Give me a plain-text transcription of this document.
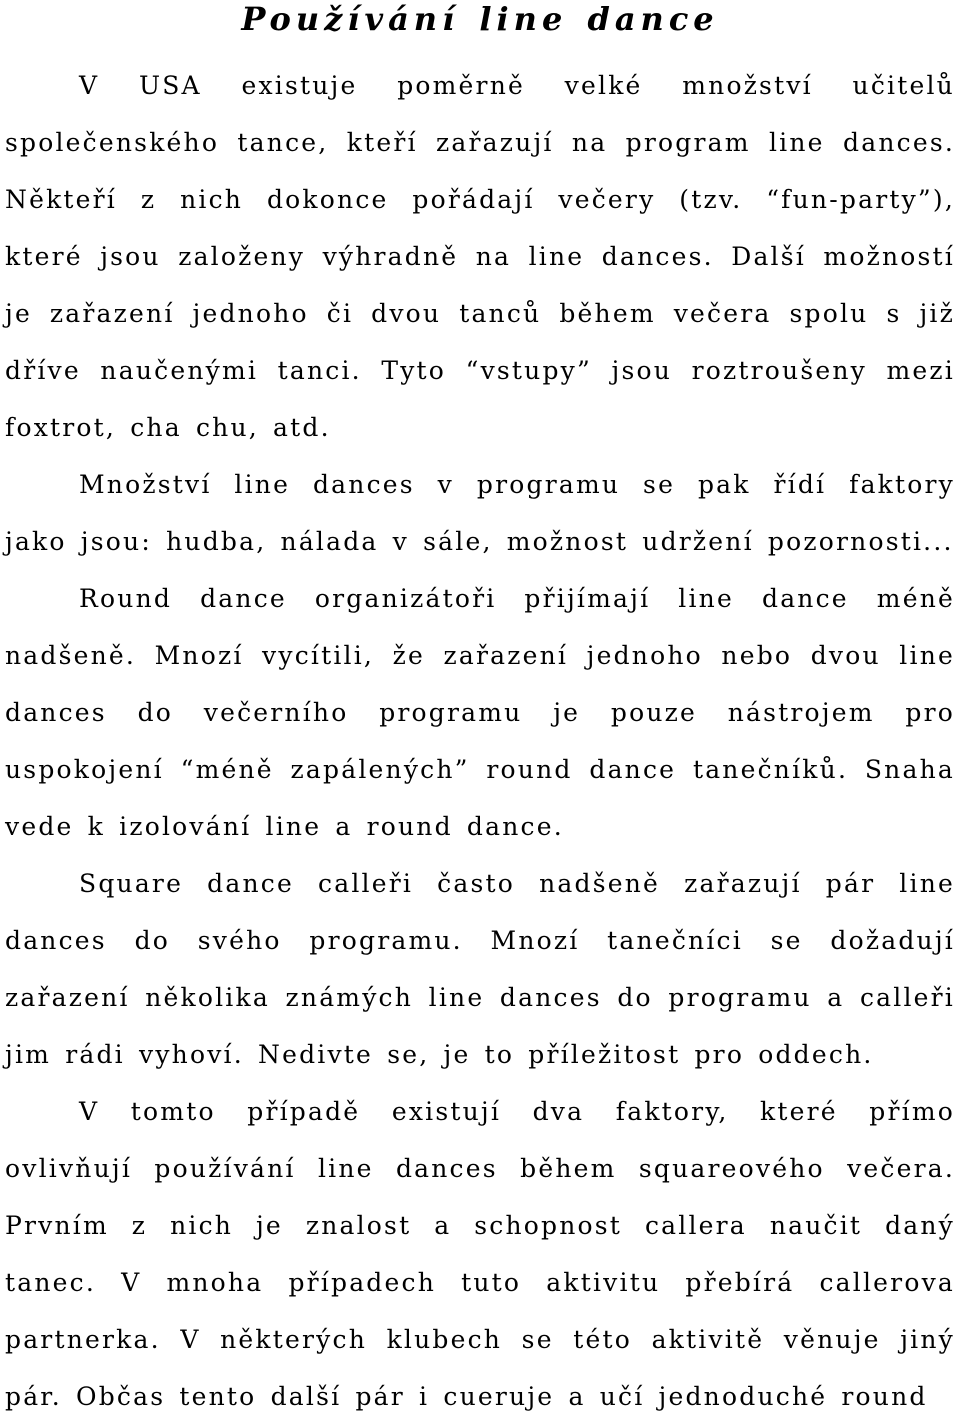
Používání line dance

V USA existuje poměrně velké množství učitelů společenského tance, kteří zařazují na program line dances. Někteří z nich dokonce pořádají večery (tzv. “fun-party”), které jsou založeny výhradně na line dances. Další možností je zařazení jednoho či dvou tanců během večera spolu s již dříve naučenými tanci. Tyto “vstupy” jsou roztroušeny mezi foxtrot, cha chu, atd.

Množství line dances v programu se pak řídí faktory jako jsou: hudba, nálada v sále, možnost udržení pozornosti...

Round dance organizátoři přijímají line dance méně nadšeně. Mnozí vycítili, že zařazení jednoho nebo dvou line dances do večerního programu je pouze nástrojem pro uspokojení “méně zapálených” round dance tanečníků. Snaha vede k izolování line a round dance.

Square dance calleři často nadšeně zařazují pár line dances do svého programu. Mnozí tanečníci se dožadují zařazení několika známých line dances do programu a calleři jim rádi vyhoví. Nedivte se, je to příležitost pro oddech.

V tomto případě existují dva faktory, které přímo ovlivňují používání line dances během squareového večera. Prvním z nich je znalost a schopnost callera naučit daný tanec. V mnoha případech tuto aktivitu přebírá callerova partnerka. V některých klubech se této aktivitě věnuje jiný pár. Občas tento další pár i cueruje a učí jednoduché round
